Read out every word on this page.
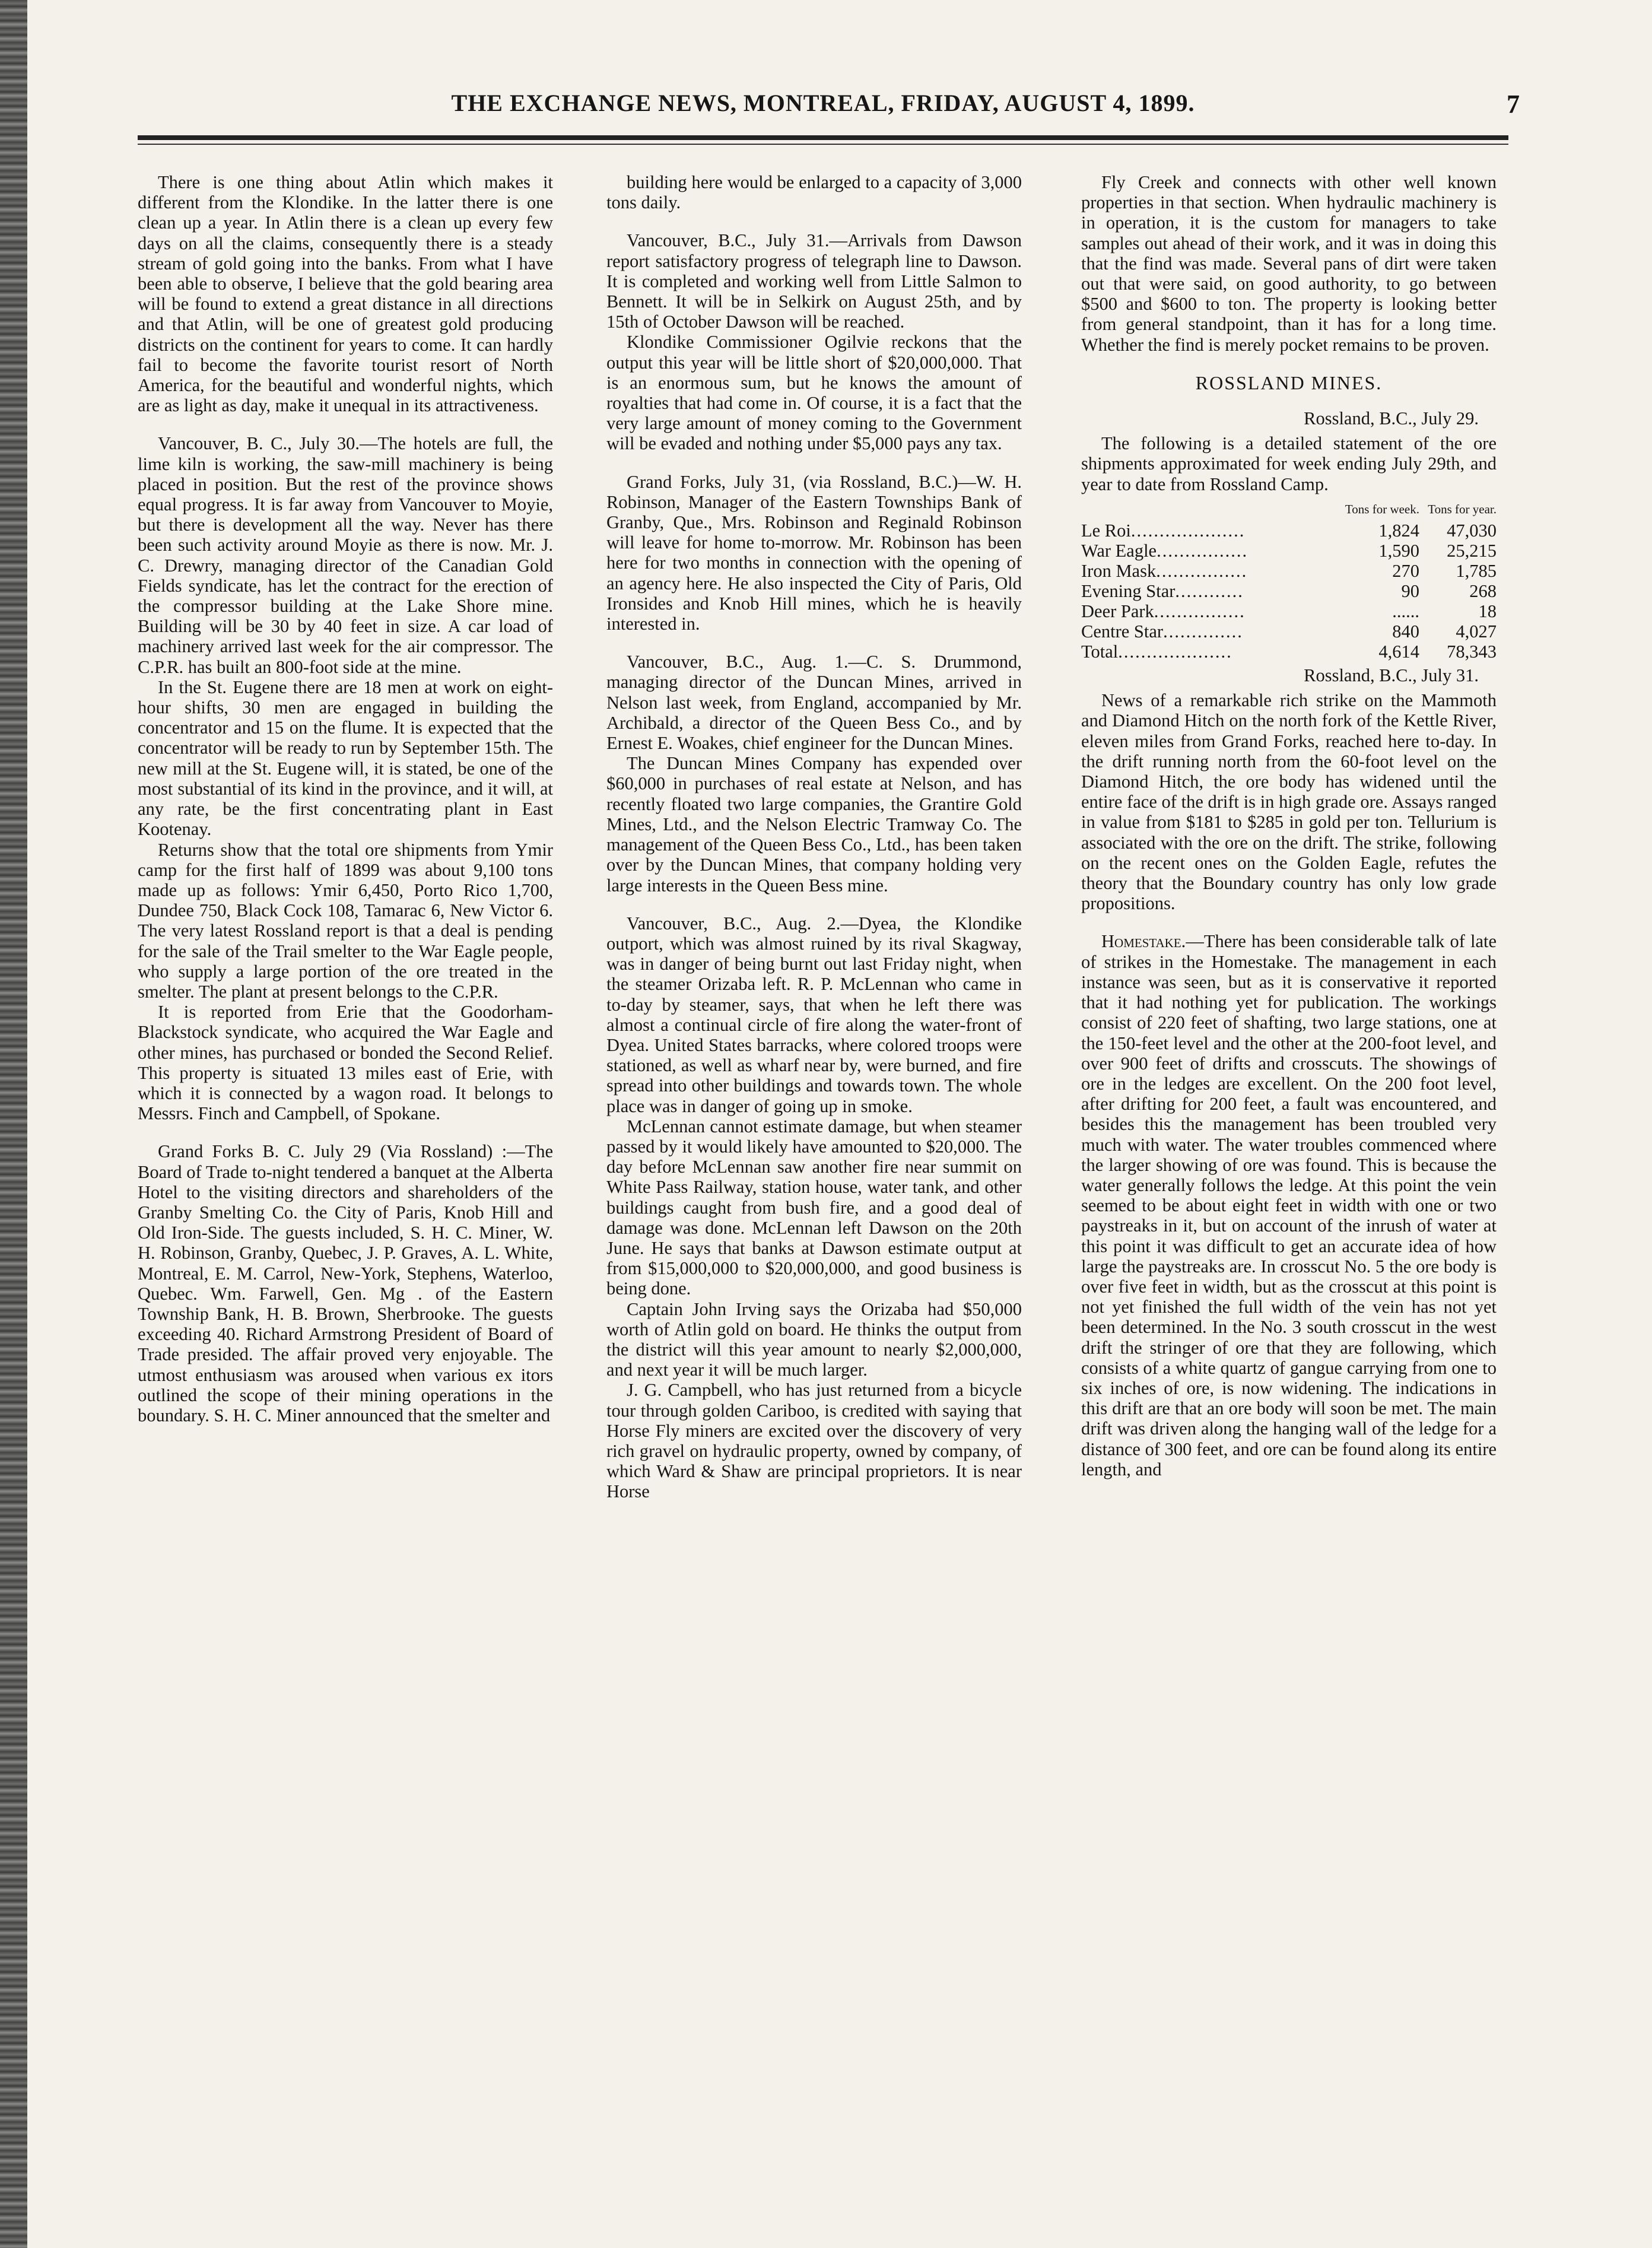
THE EXCHANGE NEWS, MONTREAL, FRIDAY, AUGUST 4, 1899.	7

There is one thing about Atlin which makes it different from the Klondike. In the latter there is one clean up a year. In Atlin there is a clean up every few days on all the claims, consequently there is a steady stream of gold going into the banks. From what I have been able to observe, I believe that the gold bearing area will be found to extend a great distance in all directions and that Atlin, will be one of greatest gold producing districts on the continent for years to come. It can hardly fail to become the favorite tourist resort of North America, for the beautiful and wonderful nights, which are as light as day, make it unequal in its attractiveness.

Vancouver, B. C., July 30.—The hotels are full, the lime kiln is working, the saw-mill machinery is being placed in position. But the rest of the province shows equal progress. It is far away from Vancouver to Moyie, but there is development all the way. Never has there been such activity around Moyie as there is now. Mr. J. C. Drewry, managing director of the Canadian Gold Fields syndicate, has let the contract for the erection of the compressor building at the Lake Shore mine. Building will be 30 by 40 feet in size. A car load of machinery arrived last week for the air compressor. The C.P.R. has built an 800-foot side at the mine.

In the St. Eugene there are 18 men at work on eight-hour shifts, 30 men are engaged in building the concentrator and 15 on the flume. It is expected that the concentrator will be ready to run by September 15th. The new mill at the St. Eugene will, it is stated, be one of the most substantial of its kind in the province, and it will, at any rate, be the first concentrating plant in East Kootenay.

Returns show that the total ore shipments from Ymir camp for the first half of 1899 was about 9,100 tons made up as follows: Ymir 6,450, Porto Rico 1,700, Dundee 750, Black Cock 108, Tamarac 6, New Victor 6. The very latest Rossland report is that a deal is pending for the sale of the Trail smelter to the War Eagle people, who supply a large portion of the ore treated in the smelter. The plant at present belongs to the C.P.R.

It is reported from Erie that the Goodorham-Blackstock syndicate, who acquired the War Eagle and other mines, has purchased or bonded the Second Relief. This property is situated 13 miles east of Erie, with which it is connected by a wagon road. It belongs to Messrs. Finch and Campbell, of Spokane.

Grand Forks B. C. July 29 (Via Rossland) :—The Board of Trade to-night tendered a banquet at the Alberta Hotel to the visiting directors and shareholders of the Granby Smelting Co. the City of Paris, Knob Hill and Old Iron-Side. The guests included, S. H. C. Miner, W. H. Robinson, Granby, Quebec, J. P. Graves, A. L. White, Montreal, E. M. Carrol, New-York, Stephens, Waterloo, Quebec. Wm. Farwell, Gen. Mg . of the Eastern Township Bank, H. B. Brown, Sherbrooke. The guests exceeding 40. Richard Armstrong President of Board of Trade presided. The affair proved very enjoyable. The utmost enthusiasm was aroused when various ex itors outlined the scope of their mining operations in the boundary. S. H. C. Miner announced that the smelter and

building here would be enlarged to a capacity of 3,000 tons daily.

Vancouver, B.C., July 31.—Arrivals from Dawson report satisfactory progress of telegraph line to Dawson. It is completed and working well from Little Salmon to Bennett. It will be in Selkirk on August 25th, and by 15th of October Dawson will be reached.

Klondike Commissioner Ogilvie reckons that the output this year will be little short of $20,000,000. That is an enormous sum, but he knows the amount of royalties that had come in. Of course, it is a fact that the very large amount of money coming to the Government will be evaded and nothing under $5,000 pays any tax.

Grand Forks, July 31, (via Rossland, B.C.)—W. H. Robinson, Manager of the Eastern Townships Bank of Granby, Que., Mrs. Robinson and Reginald Robinson will leave for home to-morrow. Mr. Robinson has been here for two months in connection with the opening of an agency here. He also inspected the City of Paris, Old Ironsides and Knob Hill mines, which he is heavily interested in.

Vancouver, B.C., Aug. 1.—C. S. Drummond, managing director of the Duncan Mines, arrived in Nelson last week, from England, accompanied by Mr. Archibald, a director of the Queen Bess Co., and by Ernest E. Woakes, chief engineer for the Duncan Mines.

The Duncan Mines Company has expended over $60,000 in purchases of real estate at Nelson, and has recently floated two large companies, the Grantire Gold Mines, Ltd., and the Nelson Electric Tramway Co. The management of the Queen Bess Co., Ltd., has been taken over by the Duncan Mines, that company holding very large interests in the Queen Bess mine.

Vancouver, B.C., Aug. 2.—Dyea, the Klondike outport, which was almost ruined by its rival Skagway, was in danger of being burnt out last Friday night, when the steamer Orizaba left. R. P. McLennan who came in to-day by steamer, says, that when he left there was almost a continual circle of fire along the water-front of Dyea. United States barracks, where colored troops were stationed, as well as wharf near by, were burned, and fire spread into other buildings and towards town. The whole place was in danger of going up in smoke.

McLennan cannot estimate damage, but when steamer passed by it would likely have amounted to $20,000. The day before McLennan saw another fire near summit on White Pass Railway, station house, water tank, and other buildings caught from bush fire, and a good deal of damage was done. McLennan left Dawson on the 20th June. He says that banks at Dawson estimate output at from $15,000,000 to $20,000,000, and good business is being done.

Captain John Irving says the Orizaba had $50,000 worth of Atlin gold on board. He thinks the output from the district will this year amount to nearly $2,000,000, and next year it will be much larger.

J. G. Campbell, who has just returned from a bicycle tour through golden Cariboo, is credited with saying that Horse Fly miners are excited over the discovery of very rich gravel on hydraulic property, owned by company, of which Ward & Shaw are principal proprietors. It is near Horse

Fly Creek and connects with other well known properties in that section. When hydraulic machinery is in operation, it is the custom for managers to take samples out ahead of their work, and it was in doing this that the find was made. Several pans of dirt were taken out that were said, on good authority, to go between $500 and $600 to ton. The property is looking better from general standpoint, than it has for a long time. Whether the find is merely pocket remains to be proven.

ROSSLAND MINES.
Rossland, B.C., July 29.

The following is a detailed statement of the ore shipments approximated for week ending July 29th, and year to date from Rossland Camp.

	Tons for week.	Tons for year.
Le Roi....................	1,824	47,030
War Eagle................	1,590	25,215
Iron Mask................	270	1,785
Evening Star............	90	268
Deer Park................	......	18
Centre Star..............	840	4,027
Total....................	4,614	78,343
Rossland, B.C., July 31.

News of a remarkable rich strike on the Mammoth and Diamond Hitch on the north fork of the Kettle River, eleven miles from Grand Forks, reached here to-day. In the drift running north from the 60-foot level on the Diamond Hitch, the ore body has widened until the entire face of the drift is in high grade ore. Assays ranged in value from $181 to $285 in gold per ton. Tellurium is associated with the ore on the drift. The strike, following on the recent ones on the Golden Eagle, refutes the theory that the Boundary country has only low grade propositions.

Homestake.—There has been considerable talk of late of strikes in the Homestake. The management in each instance was seen, but as it is conservative it reported that it had nothing yet for publication. The workings consist of 220 feet of shafting, two large stations, one at the 150-feet level and the other at the 200-foot level, and over 900 feet of drifts and crosscuts. The showings of ore in the ledges are excellent. On the 200 foot level, after drifting for 200 feet, a fault was encountered, and besides this the management has been troubled very much with water. The water troubles commenced where the larger showing of ore was found. This is because the water generally follows the ledge. At this point the vein seemed to be about eight feet in width with one or two paystreaks in it, but on account of the inrush of water at this point it was difficult to get an accurate idea of how large the paystreaks are. In crosscut No. 5 the ore body is over five feet in width, but as the crosscut at this point is not yet finished the full width of the vein has not yet been determined. In the No. 3 south crosscut in the west drift the stringer of ore that they are following, which consists of a white quartz of gangue carrying from one to six inches of ore, is now widening. The indications in this drift are that an ore body will soon be met. The main drift was driven along the hanging wall of the ledge for a distance of 300 feet, and ore can be found along its entire length, and
